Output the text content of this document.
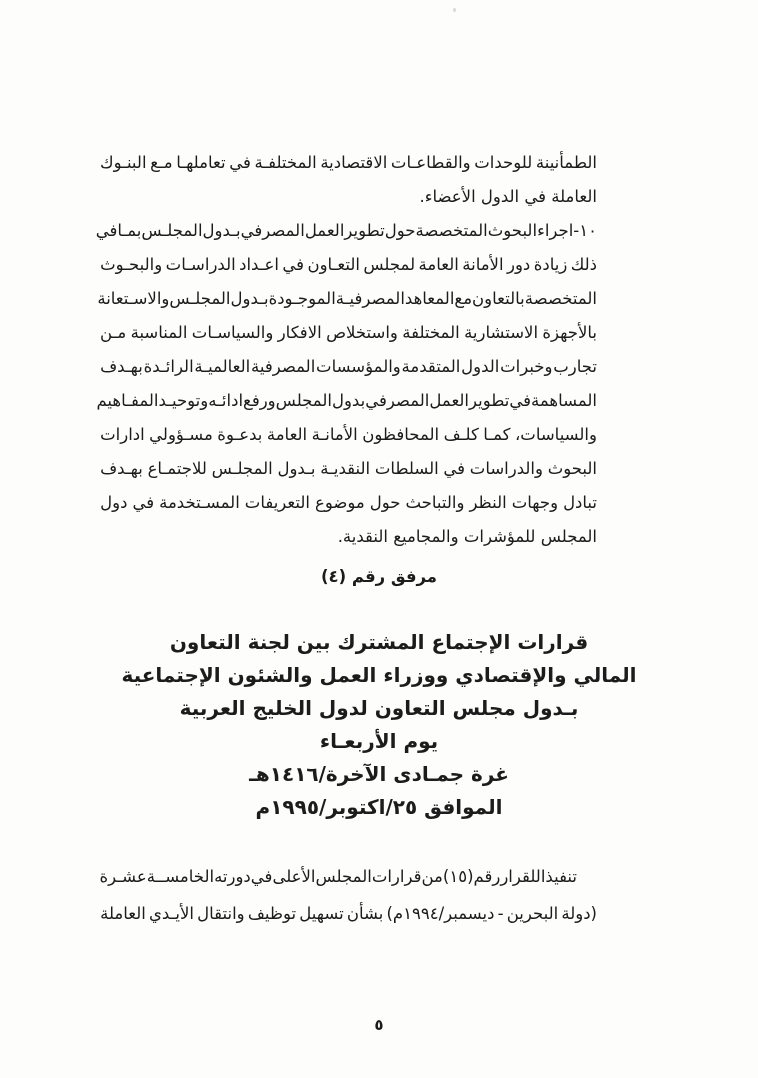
الطمأنينة
للوحدات
والقطاعـات
الاقتصادية
المختلفـة
في
تعاملهـا
مـع
البنـوك
العاملة في الدول الأعضاء.
١٠-
اجراء
البحوث
المتخصصة
حول
تطوير
العمل
المصرفي
بـدول
المجلـس
بمـا
في
ذلك
زيادة
دور
الأمانة
العامة
لمجلس
التعـاون
في
اعـداد
الدراسـات
والبحـوث
المتخصصة
بالتعاون
مع
المعاهد
المصرفيـة
الموجـودة
بـدول
المجلـس
والاسـتعانة
بالأجهزة
الاستشارية
المختلفة
واستخلاص
الافكار
والسياسـات
المناسبة
مـن
تجارب
وخبرات
الدول
المتقدمة
والمؤسسات
المصرفية
العالميـة
الرائـدة
بهـدف
المساهمة
في
تطوير
العمل
المصرفي
بدول
المجلس
ورفع
ادائـه
وتوحيـد
المفـاهيم
والسياسات،
كمـا
كلـف
المحافظون
الأمانـة
العامة
بدعـوة
مسـؤولي
ادارات
البحوث
والدراسات
في
السلطات
النقديـة
بـدول
المجلـس
للاجتمـاع
بهـدف
تبادل
وجهات
النظر
والتباحث
حول
موضوع
التعريفات
المسـتخدمة
في
دول
المجلس للمؤشرات والمجاميع النقدية.
مرفق رقم (٤)
قرارات الإجتماع المشترك بين لجنة التعاون
المالي والإقتصادي ووزراء العمل والشئون الإجتماعية
بـدول مجلس التعاون لدول الخليج العربية
يوم الأربعـاء
غرة جمـادى الآخرة/١٤١٦هـ
الموافق ٢٥/اكتوبر/١٩٩٥م
تنفيذا
للقرار
رقم
(١٥)
من
قرارات
المجلس
الأعلى
في
دورته
الخامســة
عشـرة
(دولة
البحرين
-
ديسمبر/١٩٩٤م)
بشأن
تسهيل
توظيف
وانتقال
الأيـدي
العاملة
٥
